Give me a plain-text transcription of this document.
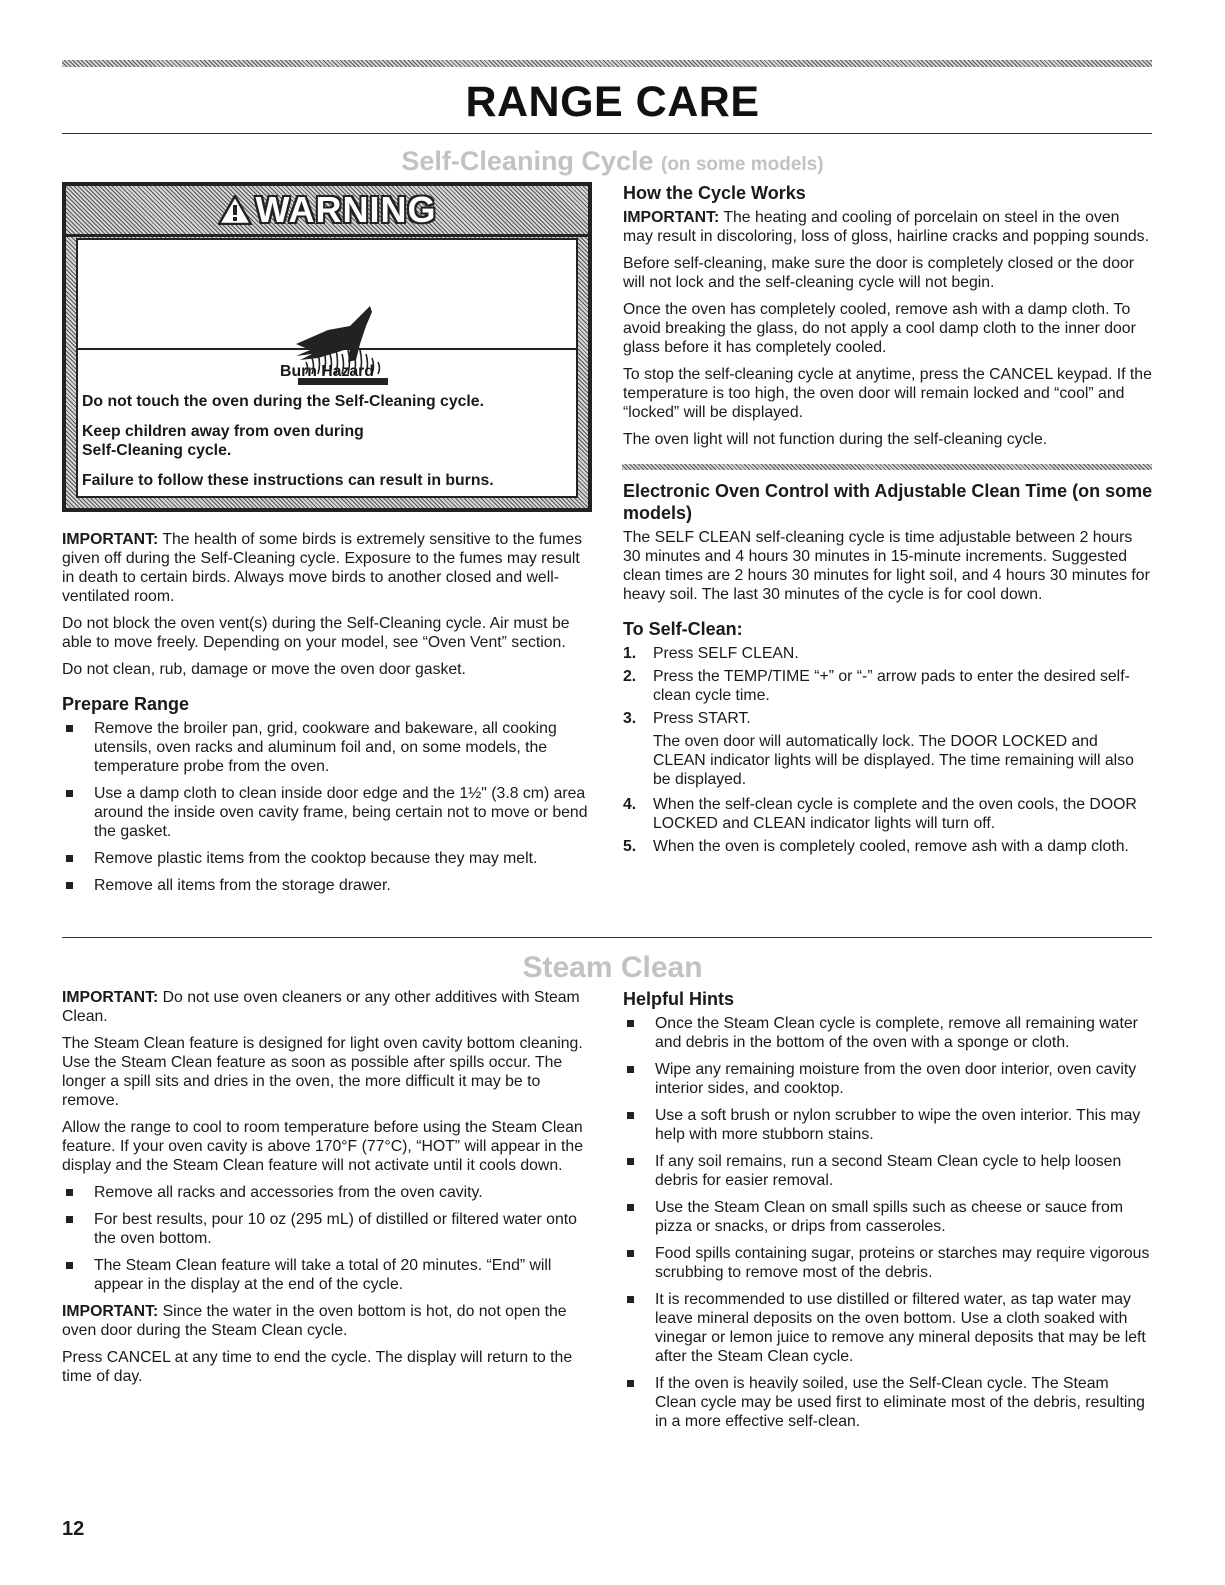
RANGE CARE
Self-Cleaning Cycle (on some models)
WARNING

Burn Hazard

Do not touch the oven during the Self-Cleaning cycle.

Keep children away from oven during
Self-Cleaning cycle.

Failure to follow these instructions can result in burns.

IMPORTANT: The health of some birds is extremely sensitive to the fumes given off during the Self-Cleaning cycle. Exposure to the fumes may result in death to certain birds. Always move birds to another closed and well-ventilated room.

Do not block the oven vent(s) during the Self-Cleaning cycle. Air must be able to move freely. Depending on your model, see “Oven Vent” section.

Do not clean, rub, damage or move the oven door gasket.

Prepare Range
Remove the broiler pan, grid, cookware and bakeware, all cooking utensils, oven racks and aluminum foil and, on some models, the temperature probe from the oven.
Use a damp cloth to clean inside door edge and the 1½" (3.8 cm) area around the inside oven cavity frame, being certain not to move or bend the gasket.
Remove plastic items from the cooktop because they may melt.
Remove all items from the storage drawer.
How the Cycle Works

IMPORTANT: The heating and cooling of porcelain on steel in the oven may result in discoloring, loss of gloss, hairline cracks and popping sounds.

Before self-cleaning, make sure the door is completely closed or the door will not lock and the self-cleaning cycle will not begin.

Once the oven has completely cooled, remove ash with a damp cloth. To avoid breaking the glass, do not apply a cool damp cloth to the inner door glass before it has completely cooled.

To stop the self-cleaning cycle at anytime, press the CANCEL keypad. If the temperature is too high, the oven door will remain locked and “cool” and “locked” will be displayed.

The oven light will not function during the self-cleaning cycle.

Electronic Oven Control with Adjustable Clean Time (on some models)

The SELF CLEAN self-cleaning cycle is time adjustable between 2 hours 30 minutes and 4 hours 30 minutes in 15-minute increments. Suggested clean times are 2 hours 30 minutes for light soil, and 4 hours 30 minutes for heavy soil. The last 30 minutes of the cycle is for cool down.

To Self-Clean:
1. Press SELF CLEAN.
2. Press the TEMP/TIME “+” or “-” arrow pads to enter the desired self-clean cycle time.
3. Press START.

The oven door will automatically lock. The DOOR LOCKED and CLEAN indicator lights will be displayed. The time remaining will also be displayed.

4. When the self-clean cycle is complete and the oven cools, the DOOR LOCKED and CLEAN indicator lights will turn off.
5. When the oven is completely cooled, remove ash with a damp cloth.
Steam Clean

IMPORTANT: Do not use oven cleaners or any other additives with Steam Clean.

The Steam Clean feature is designed for light oven cavity bottom cleaning. Use the Steam Clean feature as soon as possible after spills occur. The longer a spill sits and dries in the oven, the more difficult it may be to remove.

Allow the range to cool to room temperature before using the Steam Clean feature. If your oven cavity is above 170°F (77°C), “HOT” will appear in the display and the Steam Clean feature will not activate until it cools down.

Remove all racks and accessories from the oven cavity.
For best results, pour 10 oz (295 mL) of distilled or filtered water onto the oven bottom.
The Steam Clean feature will take a total of 20 minutes. “End” will appear in the display at the end of the cycle.

IMPORTANT: Since the water in the oven bottom is hot, do not open the oven door during the Steam Clean cycle.

Press CANCEL at any time to end the cycle. The display will return to the time of day.

Helpful Hints
Once the Steam Clean cycle is complete, remove all remaining water and debris in the bottom of the oven with a sponge or cloth.
Wipe any remaining moisture from the oven door interior, oven cavity interior sides, and cooktop.
Use a soft brush or nylon scrubber to wipe the oven interior. This may help with more stubborn stains.
If any soil remains, run a second Steam Clean cycle to help loosen debris for easier removal.
Use the Steam Clean on small spills such as cheese or sauce from pizza or snacks, or drips from casseroles.
Food spills containing sugar, proteins or starches may require vigorous scrubbing to remove most of the debris.
It is recommended to use distilled or filtered water, as tap water may leave mineral deposits on the oven bottom. Use a cloth soaked with vinegar or lemon juice to remove any mineral deposits that may be left after the Steam Clean cycle.
If the oven is heavily soiled, use the Self-Clean cycle. The Steam Clean cycle may be used first to eliminate most of the debris, resulting in a more effective self-clean.
12
